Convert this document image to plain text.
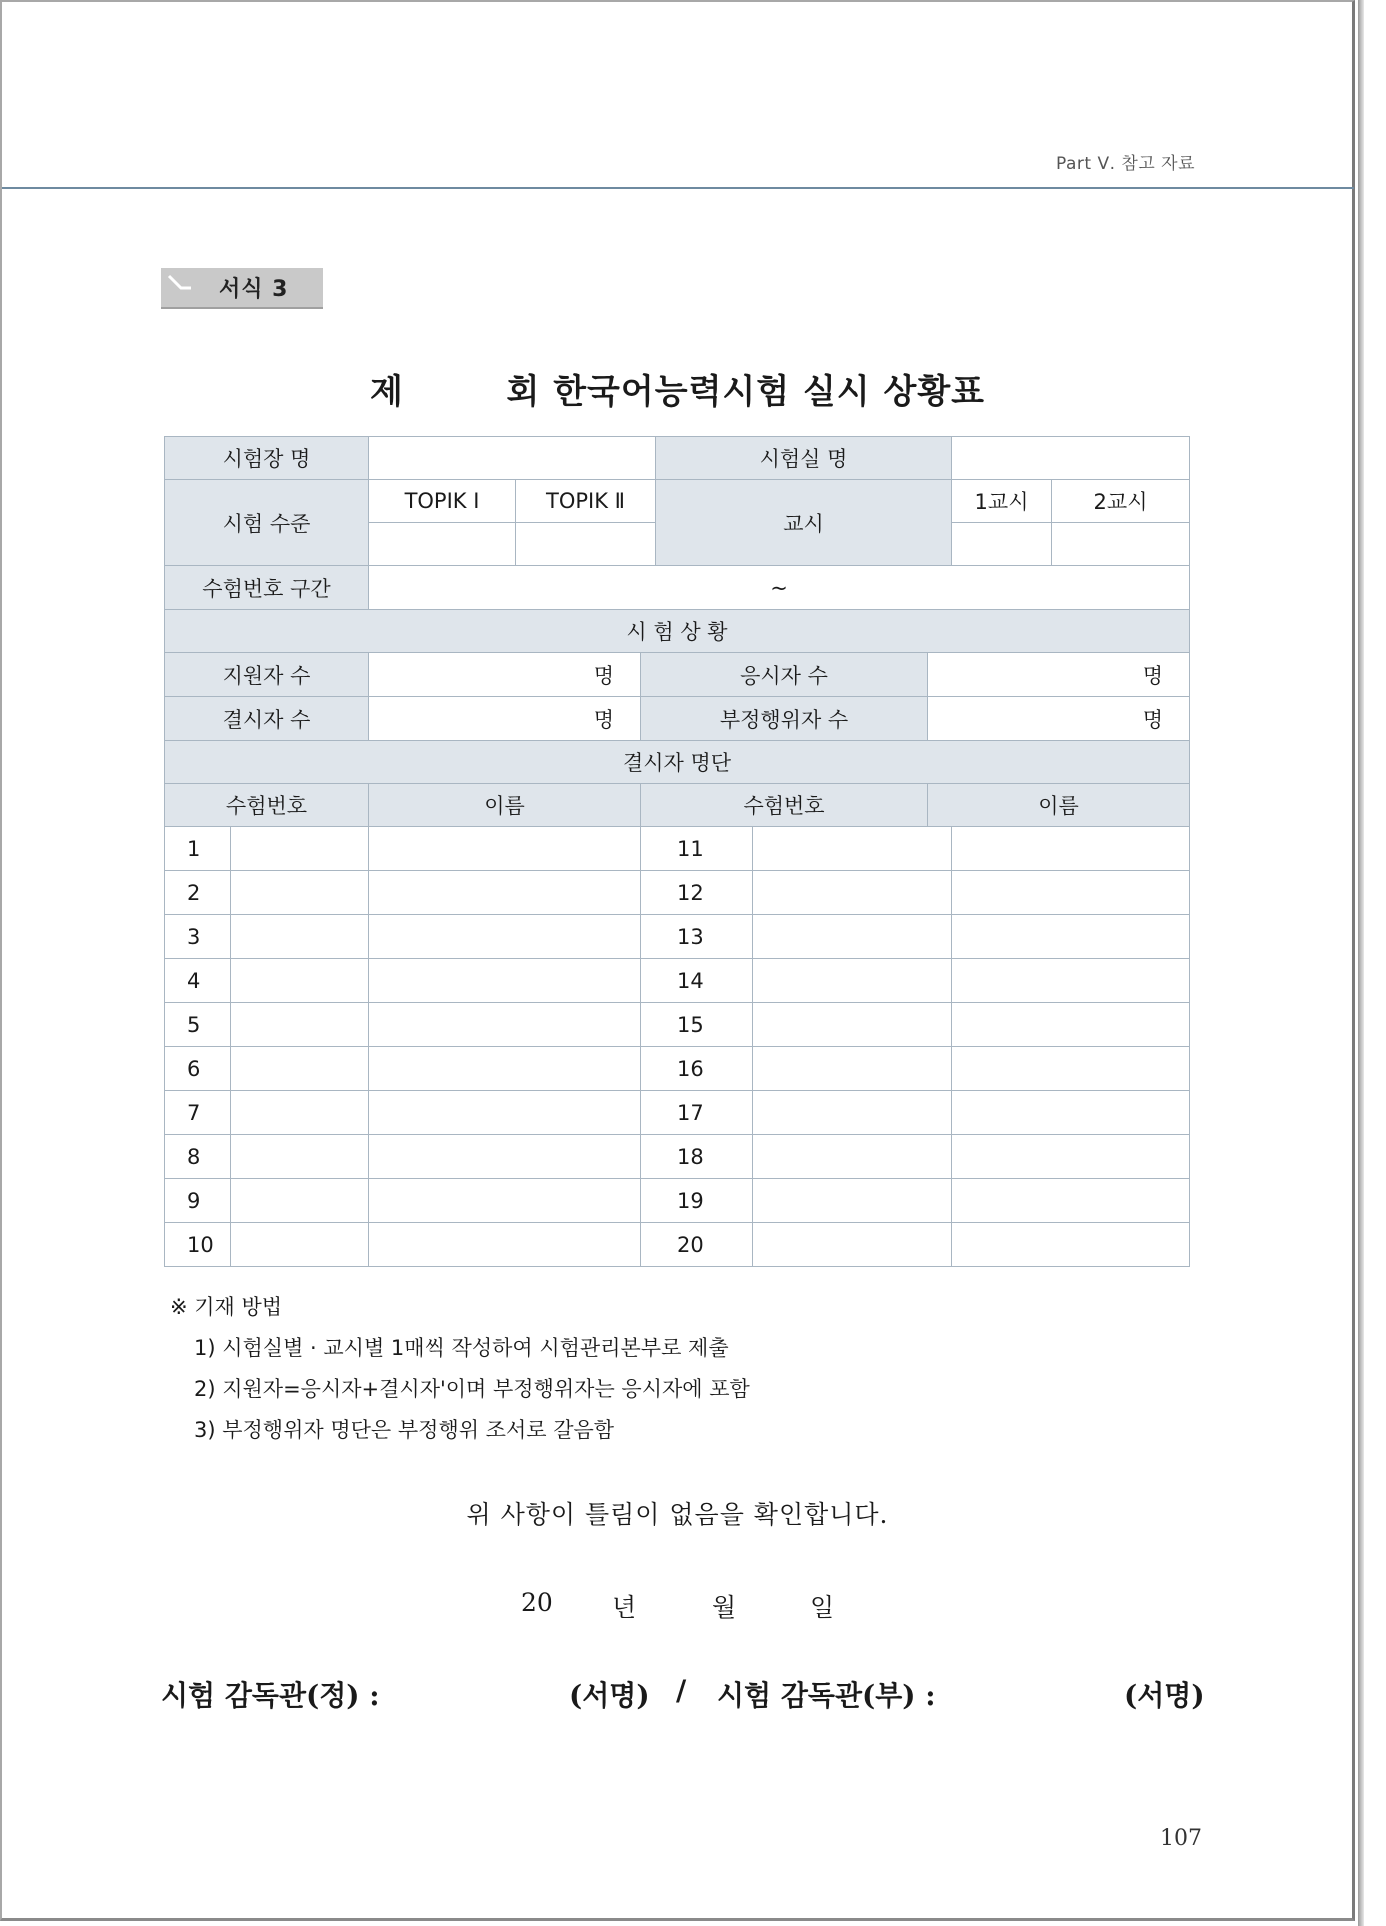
Part Ⅴ. 참고 자료
서식 3
제        회 한국어능력시험 실시 상황표
시험장 명					시험실 명				
시험 수준		TOPIK Ⅰ	TOPIK Ⅱ		교시			1교시	2교시

수험번호 구간		~							
시 험 상 황									
지원자 수		명		응시자 수			명		
결시자 수		명		부정행위자 수			명		
결시자 명단									
수험번호		이름		수험번호			이름		
1				11					
2				12					
3				13					
4				14					
5				15					
6				16					
7				17					
8				18					
9				19					
10				20					
※ 기재 방법
1) 시험실별 · 교시별 1매씩 작성하여 시험관리본부로 제출
2) 지원자=응시자+결시자'이며 부정행위자는 응시자에 포함
3) 부정행위자 명단은 부정행위 조서로 갈음함
위 사항이 틀림이 없음을 확인합니다.
20 년	월	일
시험 감독관(정) :	(서명) / 시험 감독관(부) :	(서명)
107
